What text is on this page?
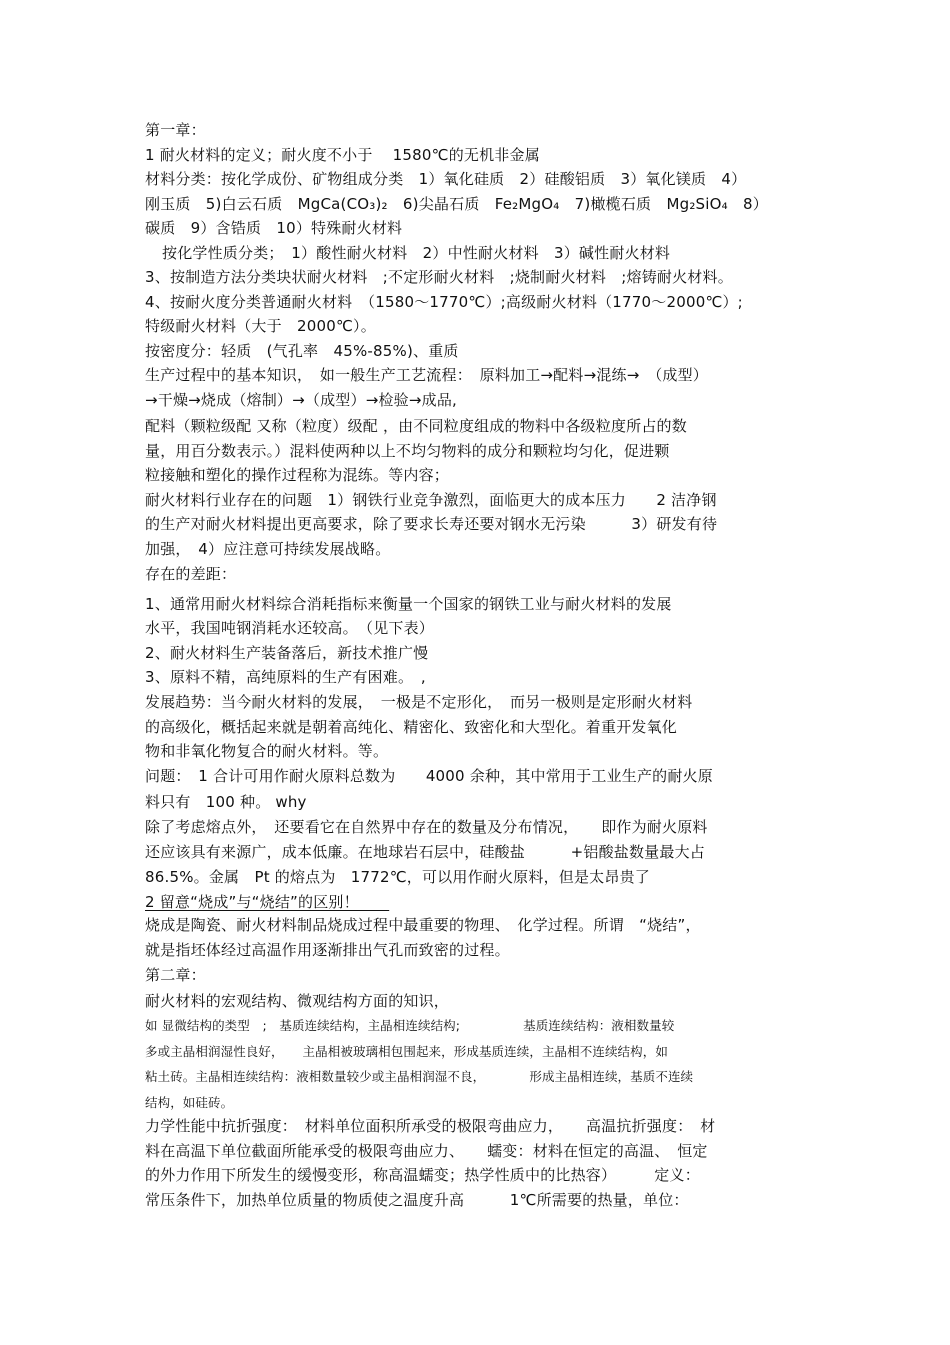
第一章：
1 耐火材料的定义；耐火度不小于　 1580℃的无机非金属
材料分类：按化学成份、矿物组成分类　1）氧化硅质　2）硅酸铝质　3）氧化镁质　4）
刚玉质　5)白云石质　MgCa(CO₃)₂　6)尖晶石质　Fe₂MgO₄　7)橄榄石质　Mg₂SiO₄　8）
碳质　9）含锆质　10）特殊耐火材料
按化学性质分类；　1）酸性耐火材料　2）中性耐火材料　3）碱性耐火材料
3、按制造方法分类块状耐火材料　;不定形耐火材料　;烧制耐火材料　;熔铸耐火材料。
4、按耐火度分类普通耐火材料　（1580～1770℃）;高级耐火材料（1770～2000℃）;
特级耐火材料（大于　2000℃）。
按密度分：轻质　(气孔率　45%-85%)、重质
生产过程中的基本知识，　如一般生产工艺流程：　原料加工→配料→混练→　（成型）
→干燥→烧成（熔制）→（成型）→检验→成品,
配料（颗粒级配 又称（粒度）级配 ，由不同粒度组成的物料中各级粒度所占的数
量，用百分数表示。）混料使两种以上不均匀物料的成分和颗粒均匀化，促进颗
粒接触和塑化的操作过程称为混练。等内容；
耐火材料行业存在的问题　1）钢铁行业竞争激烈，面临更大的成本压力　　2 洁净钢
的生产对耐火材料提出更高要求，除了要求长寿还要对钢水无污染　　　3）研发有待
加强，　4）应注意可持续发展战略。
存在的差距：
1、通常用耐火材料综合消耗指标来衡量一个国家的钢铁工业与耐火材料的发展
水平，我国吨钢消耗水还较高。　（见下表）
2、耐火材料生产装备落后，新技术推广慢
3、原料不精，高纯原料的生产有困难。　,
发展趋势：当今耐火材料的发展，　一极是不定形化，　而另一极则是定形耐火材料
的高级化，概括起来就是朝着高纯化、精密化、致密化和大型化。着重开发氧化
物和非氧化物复合的耐火材料。等。
问题：　1 合计可用作耐火原料总数为　　4000 余种，其中常用于工业生产的耐火原
料只有　100 种。 why
除了考虑熔点外，　还要看它在自然界中存在的数量及分布情况，　　即作为耐火原料
还应该具有来源广，成本低廉。在地球岩石层中，硅酸盐　　　+铝酸盐数量最大占
86.5%。金属　Pt 的熔点为　1772℃，可以用作耐火原料，但是太昂贵了
2 留意“烧成”与“烧结”的区别！　　
烧成是陶瓷、耐火材料制品烧成过程中最重要的物理、　化学过程。所谓　“烧结”，
就是指坯体经过高温作用逐渐排出气孔而致密的过程。
第二章：
耐火材料的宏观结构、微观结构方面的知识，
如 显微结构的类型　;　基质连续结构，主晶相连续结构;　　　　　基质连续结构：液相数量较
多或主晶相润湿性良好，　　主晶相被玻璃相包围起来，形成基质连续，主晶相不连续结构，如
粘土砖。主晶相连续结构：液相数量较少或主晶相润湿不良，　　　　形成主晶相连续，基质不连续
结构，如硅砖。
力学性能中抗折强度：　材料单位面积所承受的极限弯曲应力，　　高温抗折强度：　材
料在高温下单位截面所能承受的极限弯曲应力、　　蠕变：材料在恒定的高温、　恒定
的外力作用下所发生的缓慢变形，称高温蠕变；热学性质中的比热容）　　　定义：
常压条件下，加热单位质量的物质使之温度升高　　　1℃所需要的热量，单位：
